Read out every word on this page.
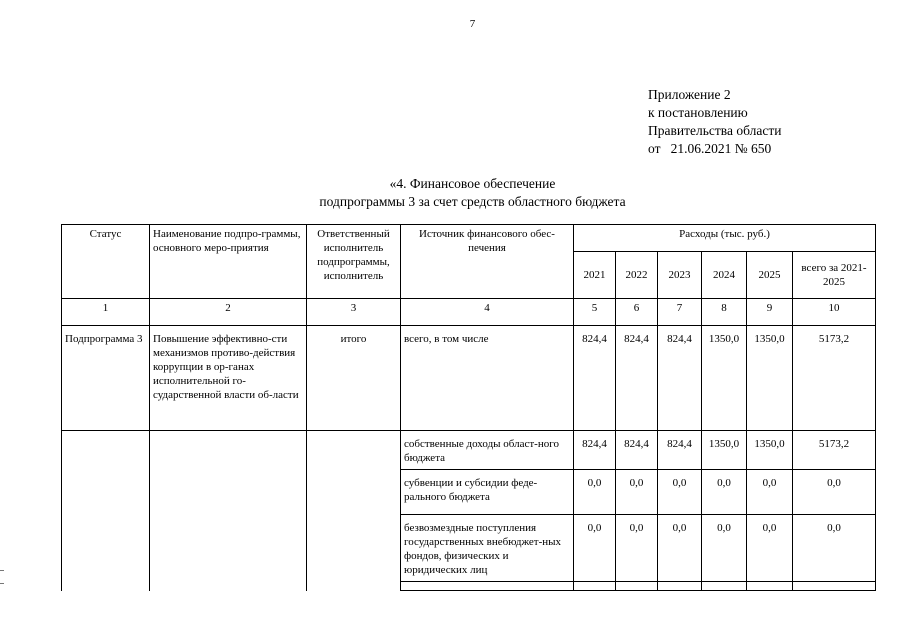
7
Приложение 2
к постановлению
Правительства области
от   21.06.2021 № 650
«4. Финансовое обеспечение
подпрограммы 3 за счет средств областного бюджета
Статус	Наименование подпро-граммы, основного меро-приятия	Ответственный исполнитель подпрограммы, исполнитель	Источник финансового обес-печения	Расходы (тыс. руб.)					
				2021	2022	2023	2024	2025	всего за 2021-2025
1	2	3	4	5	6	7	8	9	10
Подпрограмма 3	Повышение эффективно-сти механизмов противо-действия коррупции в ор-ганах исполнительной го-сударственной власти об-ласти	итого	всего, в том числе	824,4	824,4	824,4	1350,0	1350,0	5173,2
			собственные доходы област-ного бюджета	824,4	824,4	824,4	1350,0	1350,0	5173,2
			субвенции и субсидии феде-рального бюджета	0,0	0,0	0,0	0,0	0,0	0,0
			безвозмездные поступления государственных внебюджет-ных фондов, физических и юридических лиц	0,0	0,0	0,0	0,0	0,0	0,0
